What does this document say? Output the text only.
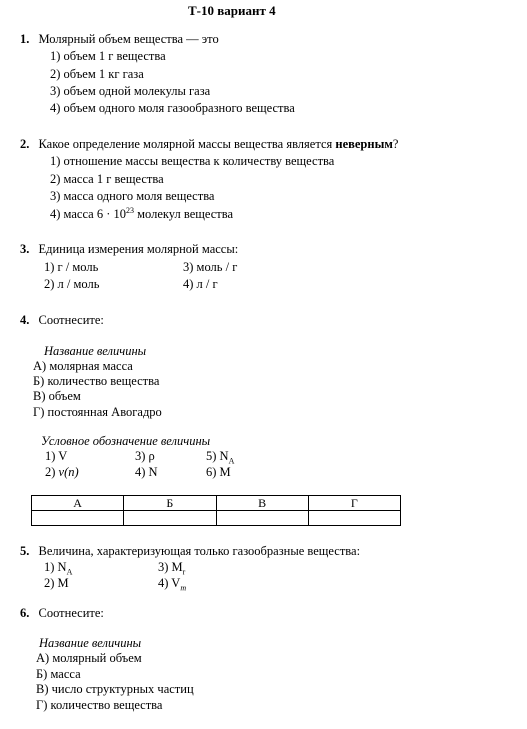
Т-10 вариант 4
1. Молярный объем вещества — это
1) объем 1 г вещества
2) объем 1 кг газа
3) объем одной молекулы газа
4) объем одного моля газообразного вещества
2. Какое определение молярной массы вещества является неверным?
1) отношение массы вещества к количеству вещества
2) масса 1 г вещества
3) масса одного моля вещества
4) масса $6 \cdot 10^{23}$ молекул вещества
3. Единица измерения молярной массы:
1) г / моль	3) моль / г
2) л / моль	4) л / г
4. Соотнесите:
Название величины
А) молярная масса
Б) количество вещества
В) объем
Г) постоянная Авогадро
Условное обозначение величины
1) V	3) ρ	5) $N_A$
2) v(n)	4) N	6) M
А	Б	В	Г

5. Величина, характеризующая только газообразные вещества:
1) $N_A$	3) $M_r$
2) M	4) $V_m$
6. Соотнесите:
Название величины
А) молярный объем
Б) масса
В) число структурных частиц
Г) количество вещества
